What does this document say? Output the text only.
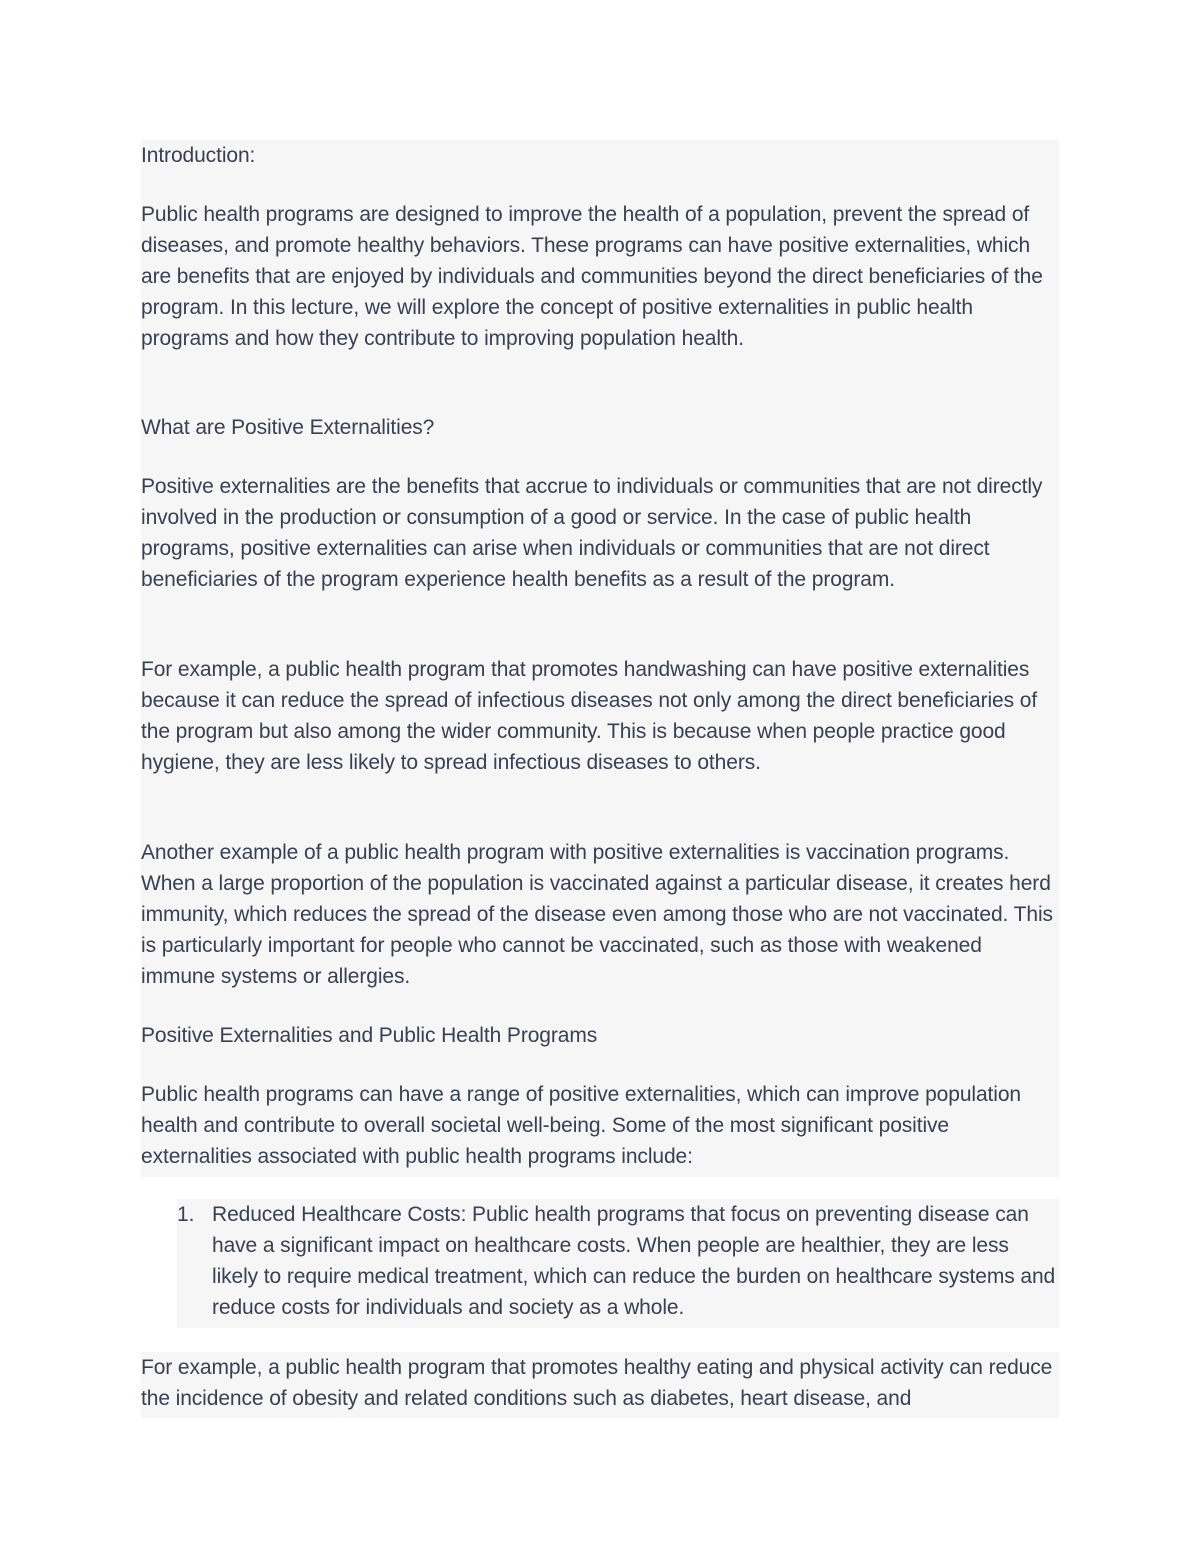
Introduction:

Public health programs are designed to improve the health of a population, prevent the spread of diseases, and promote healthy behaviors. These programs can have positive externalities, which are benefits that are enjoyed by individuals and communities beyond the direct beneficiaries of the program. In this lecture, we will explore the concept of positive externalities in public health programs and how they contribute to improving population health.

What are Positive Externalities?

Positive externalities are the benefits that accrue to individuals or communities that are not directly involved in the production or consumption of a good or service. In the case of public health programs, positive externalities can arise when individuals or communities that are not direct beneficiaries of the program experience health benefits as a result of the program.

For example, a public health program that promotes handwashing can have positive externalities because it can reduce the spread of infectious diseases not only among the direct beneficiaries of the program but also among the wider community. This is because when people practice good hygiene, they are less likely to spread infectious diseases to others.

Another example of a public health program with positive externalities is vaccination programs. When a large proportion of the population is vaccinated against a particular disease, it creates herd immunity, which reduces the spread of the disease even among those who are not vaccinated. This is particularly important for people who cannot be vaccinated, such as those with weakened immune systems or allergies.

Positive Externalities and Public Health Programs

Public health programs can have a range of positive externalities, which can improve population health and contribute to overall societal well-being. Some of the most significant positive externalities associated with public health programs include:

1. Reduced Healthcare Costs: Public health programs that focus on preventing disease can have a significant impact on healthcare costs. When people are healthier, they are less likely to require medical treatment, which can reduce the burden on healthcare systems and reduce costs for individuals and society as a whole.

For example, a public health program that promotes healthy eating and physical activity can reduce the incidence of obesity and related conditions such as diabetes, heart disease, and
